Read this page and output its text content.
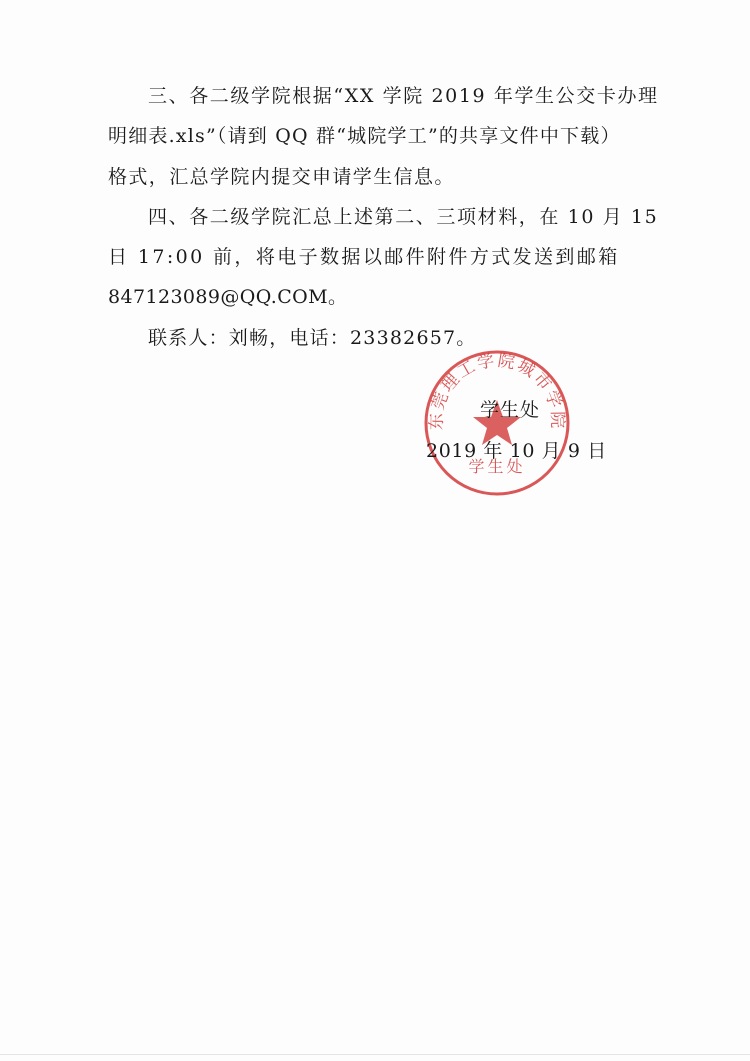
东莞理工学院城市学院
学生处
三、各二级学院根据“XX 学院 2019 年学生公交卡办理
明细表.xls”（请到 QQ 群“城院学工”的共享文件中下载）
格式，汇总学院内提交申请学生信息。
四、各二级学院汇总上述第二、三项材料，在 10 月 15
日 17:00 前，将电子数据以邮件附件方式发送到邮箱
847123089@QQ.COM。
联系人：刘畅，电话：23382657。
学生处
2019 年 10 月 9 日
